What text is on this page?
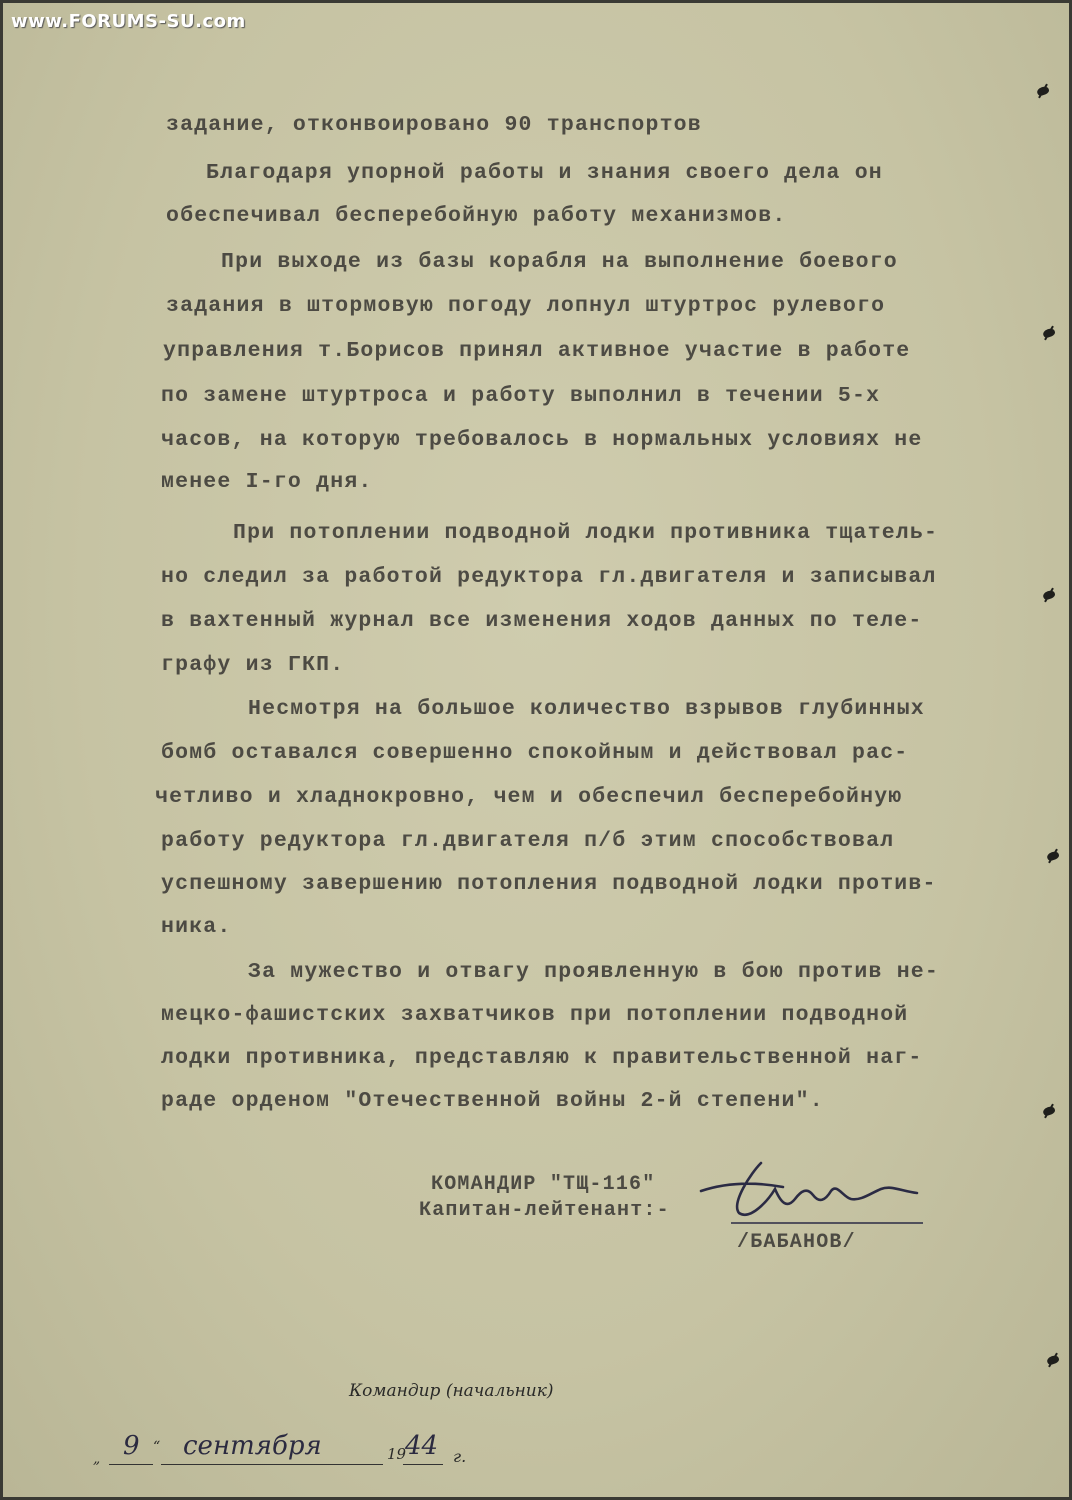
www.FORUMS-SU.com
задание, отконвоировано 90 транспортов
Благодаря упорной работы и знания своего дела он
обеспечивал бесперебойную работу механизмов.
При выходе из базы корабля на выполнение боевого
задания в штормовую погоду лопнул штуртрос рулевого
управления т.Борисов принял активное участие в работе
по замене штуртроса и работу выполнил в течении 5-х
часов, на которую требовалось в нормальных условиях не
менее I-го дня.
При потоплении подводной лодки противника тщатель-
но следил за работой редуктора гл.двигателя и записывал
в вахтенный журнал все изменения ходов данных по теле-
графу из ГКП.
Несмотря на большое количество взрывов глубинных
бомб оставался совершенно спокойным и действовал рас-
четливо и хладнокровно, чем и обеспечил бесперебойную
работу редуктора гл.двигателя п/б этим способствовал
успешному завершению потопления подводной лодки против-
ника.
За мужество и отвагу проявленную в бою против не-
мецко-фашистских захватчиков при потоплении подводной
лодки противника, представляю к правительственной наг-
раде орденом "Отечественной войны 2-й степени".
КОМАНДИР "ТЩ-116"
Капитан-лейтенант:-
/БАБАНОВ/
Командир (начальник)
„ 9 “ сентября	19
44 г.
